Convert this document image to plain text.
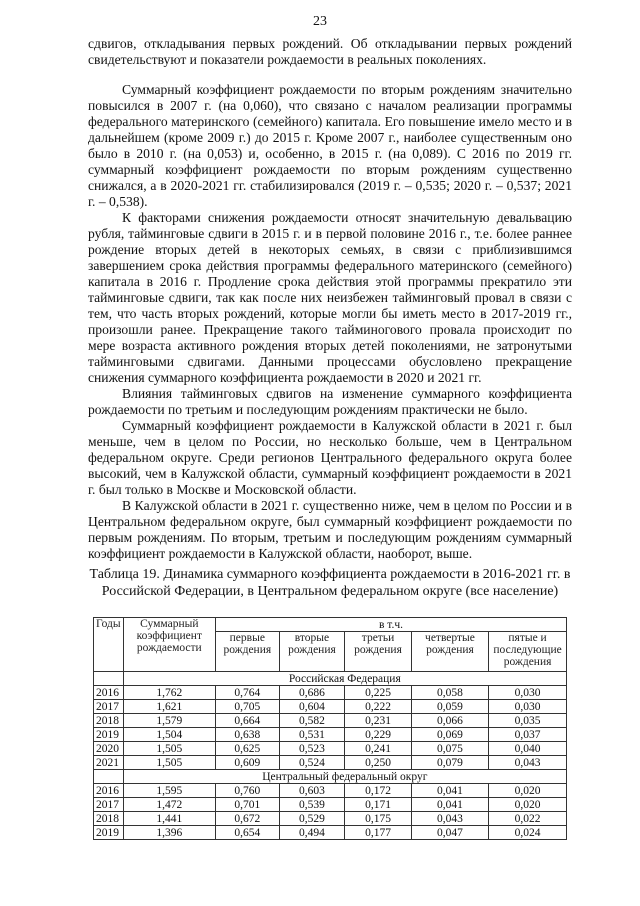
23

сдвигов, откладывания первых рождений. Об откладывании первых рождений свидетельствуют и показатели рождаемости в реальных поколениях.

Суммарный коэффициент рождаемости по вторым рождениям значительно повысился в 2007 г. (на 0,060), что связано с началом реализации программы федерального материнского (семейного) капитала. Его повышение имело место и в дальнейшем (кроме 2009 г.) до 2015 г. Кроме 2007 г., наиболее существенным оно было в 2010 г. (на 0,053) и, особенно, в 2015 г. (на 0,089). С 2016 по 2019 гг. суммарный коэффициент рождаемости по вторым рождениям существенно снижался, а в 2020-2021 гг. стабилизировался (2019 г. – 0,535; 2020 г. – 0,537; 2021 г. – 0,538).

К факторами снижения рождаемости относят значительную девальвацию рубля, тайминговые сдвиги в 2015 г. и в первой половине 2016 г., т.е. более раннее рождение вторых детей в некоторых семьях, в связи с приблизившимся завершением срока действия программы федерального материнского (семейного) капитала в 2016 г. Продление срока действия этой программы прекратило эти тайминговые сдвиги, так как после них неизбежен тайминговый провал в связи с тем, что часть вторых рождений, которые могли бы иметь место в 2017-2019 гг., произошли ранее. Прекращение такого тайминогового провала происходит по мере возраста активного рождения вторых детей поколениями, не затронутыми тайминговыми сдвигами. Данными процессами обусловлено прекращение снижения суммарного коэффициента рождаемости в 2020 и 2021 гг.

Влияния тайминговых сдвигов на изменение суммарного коэффициента рождаемости по третьим и последующим рождениям практически не было.

Суммарный коэффициент рождаемости в Калужской области в 2021 г. был меньше, чем в целом по России, но несколько больше, чем в Центральном федеральном округе. Среди регионов Центрального федерального округа более высокий, чем в Калужской области, суммарный коэффициент рождаемости в 2021 г. был только в Москве и Московской области.

В Калужской области в 2021 г. существенно ниже, чем в целом по России и в Центральном федеральном округе, был суммарный коэффициент рождаемости по первым рождениям. По вторым, третьим и последующим рождениям суммарный коэффициент рождаемости в Калужской области, наоборот, выше.

Таблица 19. Динамика суммарного коэффициента рождаемости в 2016-2021 гг. в Российской Федерации, в Центральном федеральном округе (все население)
Годы	Суммарный коэффициент рождаемости	в т.ч.				
		первые рождения	вторые рождения	третьи рождения	четвертые рождения	пятые и последующие рождения
	Российская Федерация					
2016	1,762	0,764	0,686	0,225	0,058	0,030
2017	1,621	0,705	0,604	0,222	0,059	0,030
2018	1,579	0,664	0,582	0,231	0,066	0,035
2019	1,504	0,638	0,531	0,229	0,069	0,037
2020	1,505	0,625	0,523	0,241	0,075	0,040
2021	1,505	0,609	0,524	0,250	0,079	0,043
	Центральный федеральный округ					
2016	1,595	0,760	0,603	0,172	0,041	0,020
2017	1,472	0,701	0,539	0,171	0,041	0,020
2018	1,441	0,672	0,529	0,175	0,043	0,022
2019	1,396	0,654	0,494	0,177	0,047	0,024
